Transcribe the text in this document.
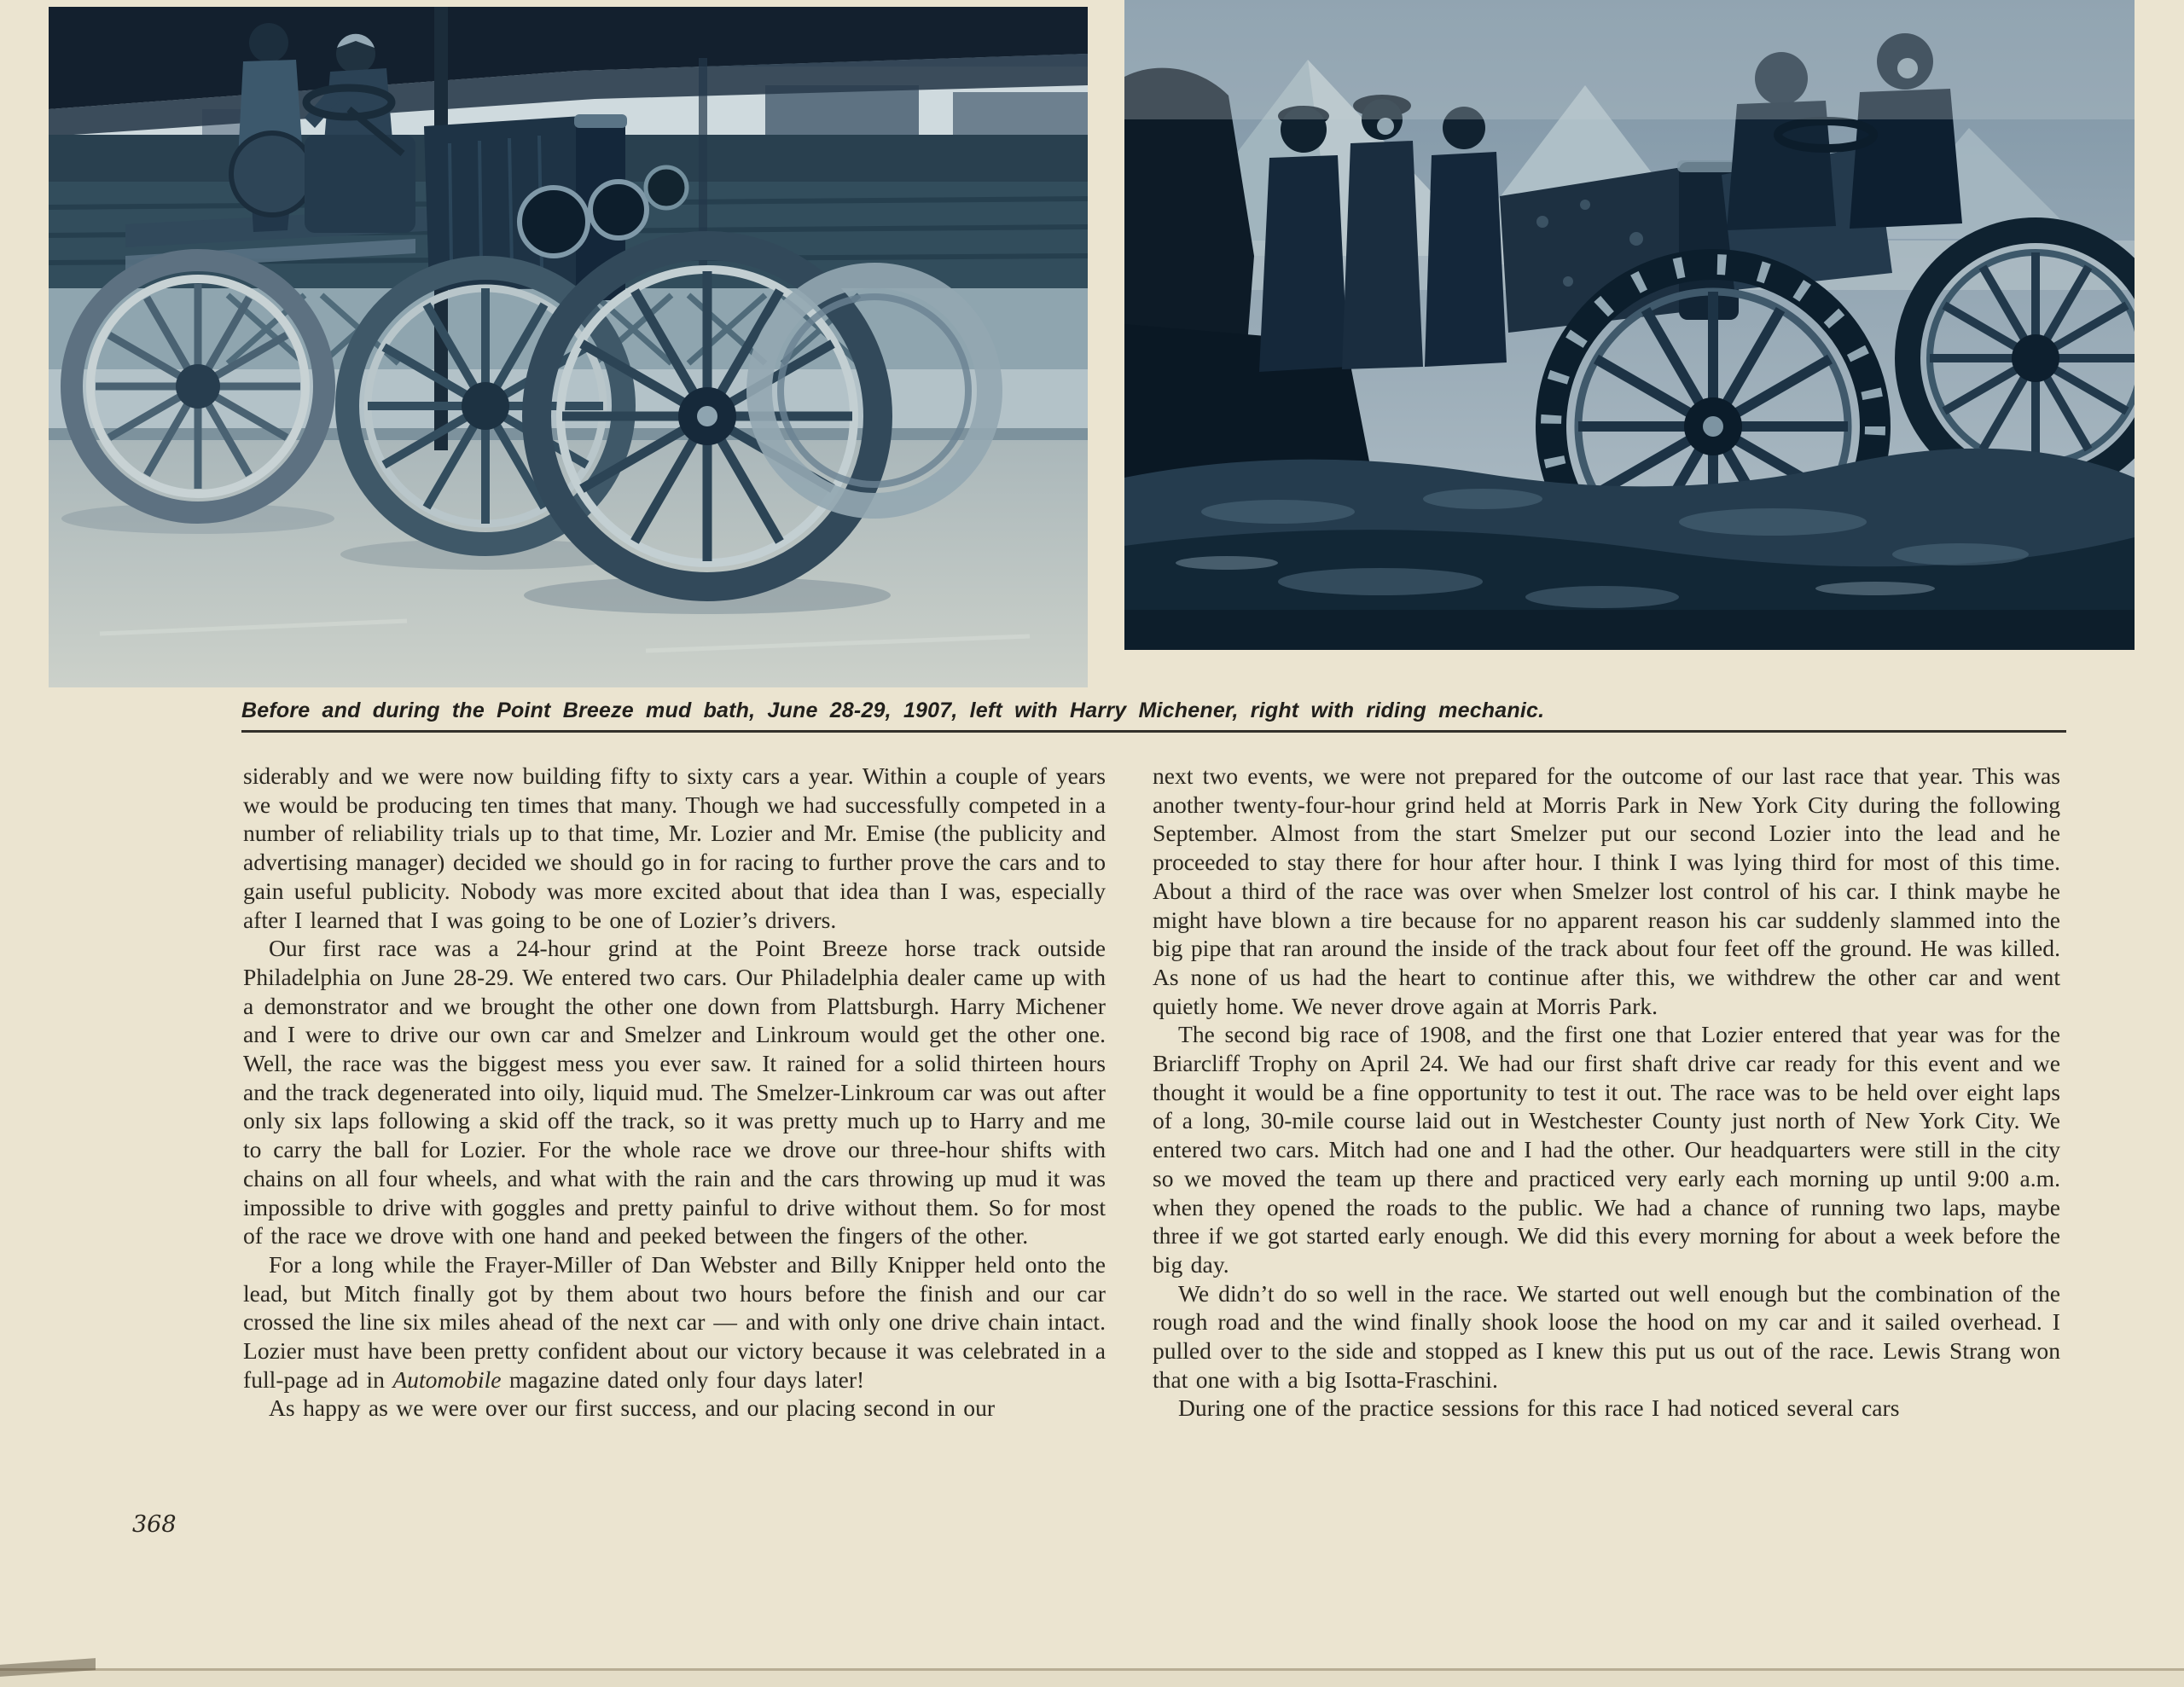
Before and during the Point Breeze mud bath, June 28-29, 1907, left with Harry Michener, right with riding mechanic.

siderably and we were now building fifty to sixty cars a year. Within a couple of years we would be producing ten times that many. Though we had successfully competed in a number of reliability trials up to that time, Mr. Lozier and Mr. Emise (the publicity and advertising manager) decided we should go in for racing to further prove the cars and to gain useful publicity. Nobody was more excited about that idea than I was, especially after I learned that I was going to be one of Lozier’s drivers.

Our first race was a 24-hour grind at the Point Breeze horse track outside Philadelphia on June 28-29. We entered two cars. Our Philadelphia dealer came up with a demonstrator and we brought the other one down from Plattsburgh. Harry Michener and I were to drive our own car and Smelzer and Linkroum would get the other one. Well, the race was the biggest mess you ever saw. It rained for a solid thirteen hours and the track degenerated into oily, liquid mud. The Smelzer-Linkroum car was out after only six laps following a skid off the track, so it was pretty much up to Harry and me to carry the ball for Lozier. For the whole race we drove our three-hour shifts with chains on all four wheels, and what with the rain and the cars throwing up mud it was impossible to drive with goggles and pretty painful to drive without them. So for most of the race we drove with one hand and peeked between the fingers of the other.

For a long while the Frayer-Miller of Dan Webster and Billy Knipper held onto the lead, but Mitch finally got by them about two hours before the finish and our car crossed the line six miles ahead of the next car — and with only one drive chain intact. Lozier must have been pretty confident about our victory because it was celebrated in a full-page ad in Automobile magazine dated only four days later!

As happy as we were over our first success, and our placing second in our

next two events, we were not prepared for the outcome of our last race that year. This was another twenty-four-hour grind held at Morris Park in New York City during the following September. Almost from the start Smelzer put our second Lozier into the lead and he proceeded to stay there for hour after hour. I think I was lying third for most of this time. About a third of the race was over when Smelzer lost control of his car. I think maybe he might have blown a tire because for no apparent reason his car suddenly slammed into the big pipe that ran around the inside of the track about four feet off the ground. He was killed. As none of us had the heart to continue after this, we withdrew the other car and went quietly home. We never drove again at Morris Park.

The second big race of 1908, and the first one that Lozier entered that year was for the Briarcliff Trophy on April 24. We had our first shaft drive car ready for this event and we thought it would be a fine opportunity to test it out. The race was to be held over eight laps of a long, 30-mile course laid out in Westchester County just north of New York City. We entered two cars. Mitch had one and I had the other. Our headquarters were still in the city so we moved the team up there and practiced very early each morning up until 9:00 a.m. when they opened the roads to the public. We had a chance of running two laps, maybe three if we got started early enough. We did this every morning for about a week before the big day.

We didn’t do so well in the race. We started out well enough but the combination of the rough road and the wind finally shook loose the hood on my car and it sailed overhead. I pulled over to the side and stopped as I knew this put us out of the race. Lewis Strang won that one with a big Isotta-Fraschini.

During one of the practice sessions for this race I had noticed several cars

368
